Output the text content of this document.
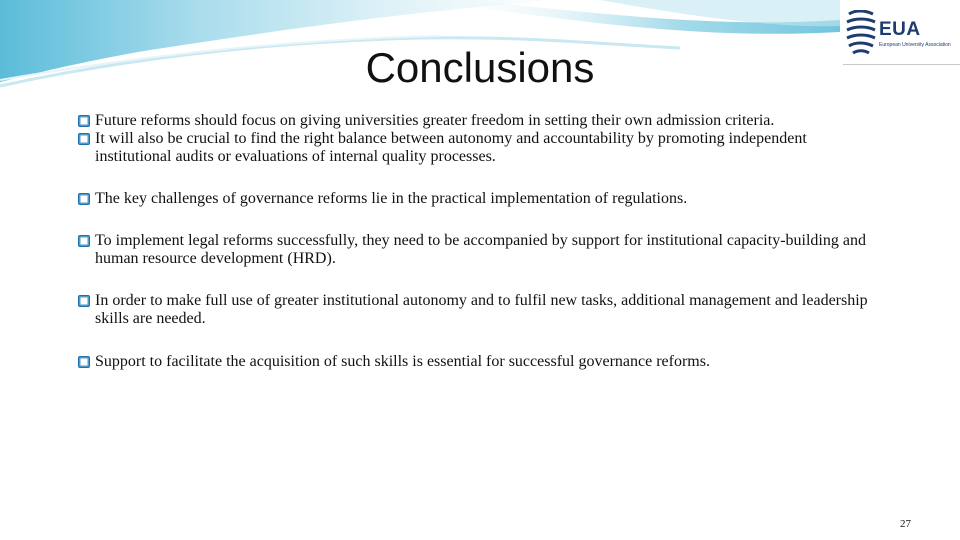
Conclusions
EUA
European University Association
Future reforms should focus on giving universities greater freedom in setting their own admission criteria.
It will also be crucial to find the right balance between autonomy and accountability by promoting independent institutional audits or evaluations of internal quality processes.
The key challenges of governance reforms lie in the practical implementation of regulations.
To implement legal reforms successfully, they need to be accompanied by support for institutional capacity-building and human resource development (HRD).
In order to make full use of greater institutional autonomy and to fulfil new tasks, additional management and leadership skills are needed.
Support to facilitate the acquisition of such skills is essential for successful governance reforms.
27
